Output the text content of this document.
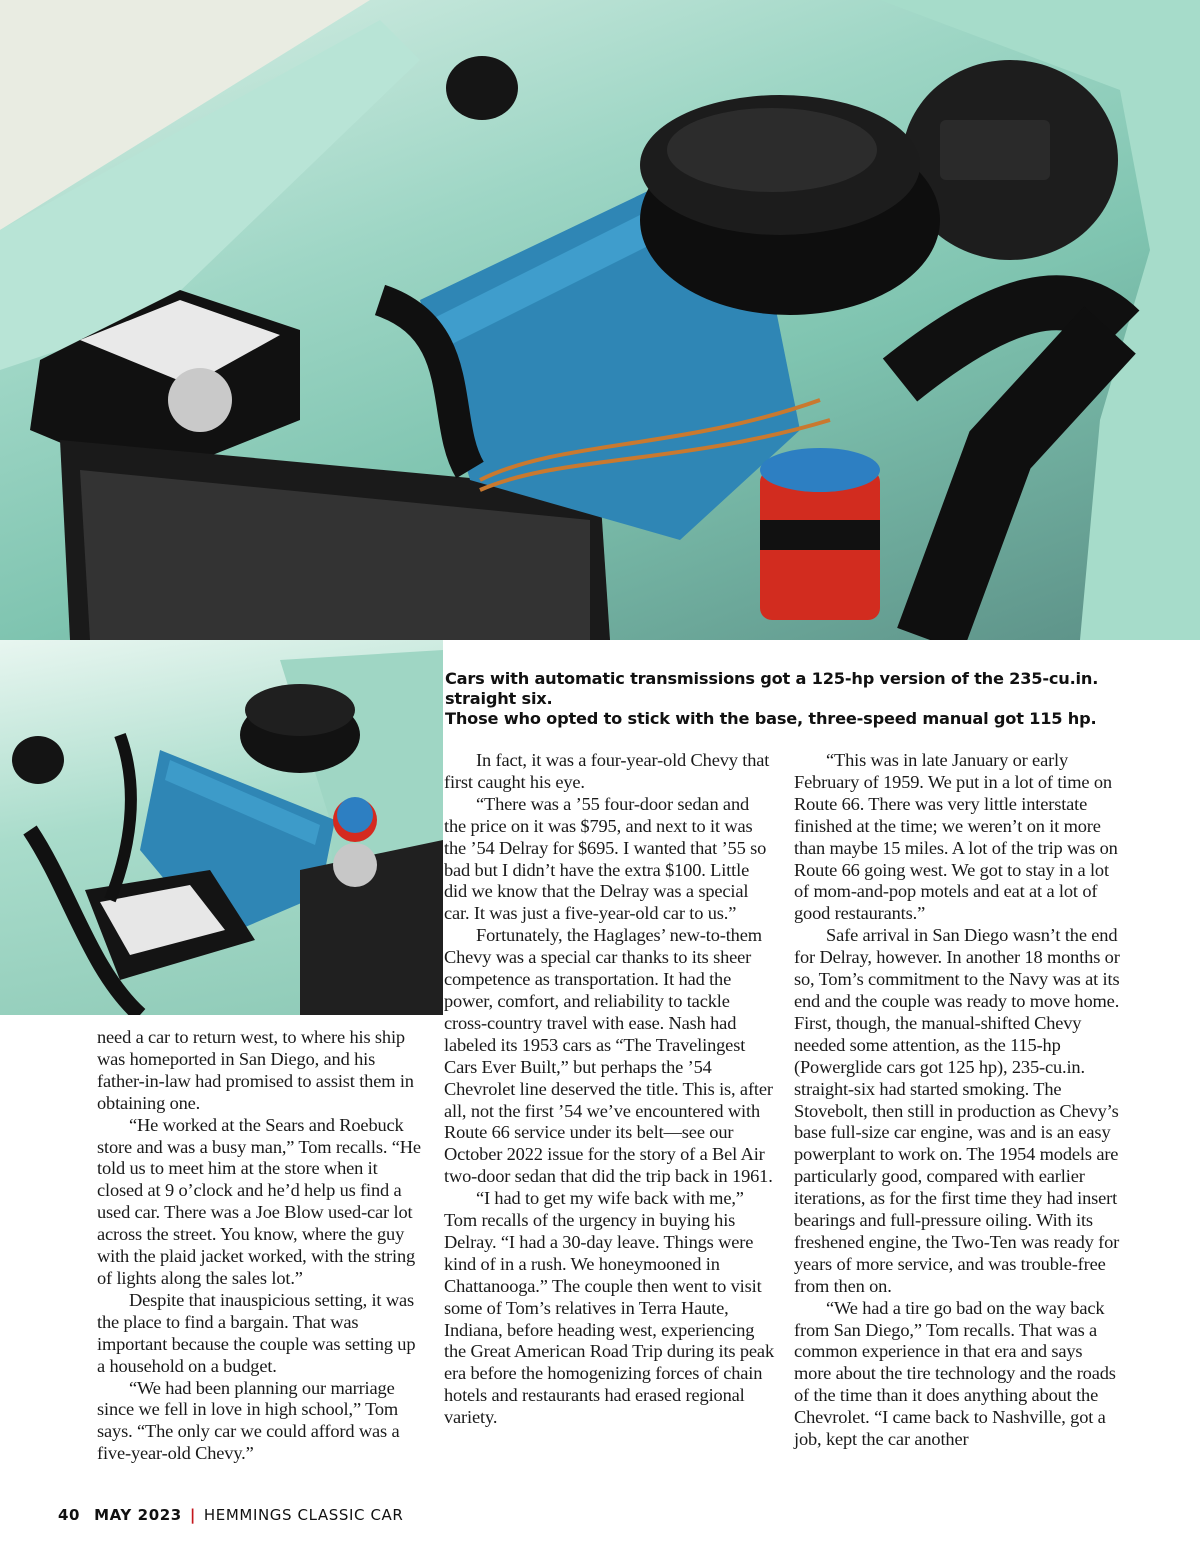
Cars with automatic transmissions got a 125-hp version of the 235-cu.in. straight six.

Those who opted to stick with the base, three-speed manual got 115 hp.

need a car to return west, to where his ship was homeported in San Diego, and his father-in-law had promised to assist them in obtaining one.

“He worked at the Sears and Roebuck store and was a busy man,” Tom recalls. “He told us to meet him at the store when it closed at 9 o’clock and he’d help us find a used car. There was a Joe Blow used-car lot across the street. You know, where the guy with the plaid jacket worked, with the string of lights along the sales lot.”

Despite that inauspicious setting, it was the place to find a bargain. That was important because the couple was setting up a household on a budget.

“We had been planning our marriage since we fell in love in high school,” Tom says. “The only car we could afford was a five-year-old Chevy.”

In fact, it was a four-year-old Chevy that first caught his eye.

“There was a ’55 four-door sedan and the price on it was $795, and next to it was the ’54 Delray for $695. I wanted that ’55 so bad but I didn’t have the extra $100. Little did we know that the Delray was a special car. It was just a five-year-old car to us.”

Fortunately, the Haglages’ new-to-them Chevy was a special car thanks to its sheer competence as transportation. It had the power, comfort, and reliability to tackle cross-country travel with ease. Nash had labeled its 1953 cars as “The Travelingest Cars Ever Built,” but perhaps the ’54 Chevrolet line deserved the title. This is, after all, not the first ’54 we’ve encountered with Route 66 service under its belt—see our October 2022 issue for the story of a Bel Air two-door sedan that did the trip back in 1961.

“I had to get my wife back with me,” Tom recalls of the urgency in buying his Delray. “I had a 30-day leave. Things were kind of in a rush. We honeymooned in Chattanooga.” The couple then went to visit some of Tom’s relatives in Terra Haute, Indiana, before heading west, experiencing the Great American Road Trip during its peak era before the homogenizing forces of chain hotels and restaurants had erased regional variety.

“This was in late January or early February of 1959. We put in a lot of time on Route 66. There was very little interstate finished at the time; we weren’t on it more than maybe 15 miles. A lot of the trip was on Route 66 going west. We got to stay in a lot of mom-and-pop motels and eat at a lot of good restaurants.”

Safe arrival in San Diego wasn’t the end for Delray, however. In another 18 months or so, Tom’s commitment to the Navy was at its end and the couple was ready to move home. First, though, the manual-shifted Chevy needed some attention, as the 115-hp (Powerglide cars got 125 hp), 235-cu.in. straight-six had started smoking. The Stovebolt, then still in production as Chevy’s base full-size car engine, was and is an easy powerplant to work on. The 1954 models are particularly good, compared with earlier iterations, as for the first time they had insert bearings and full-pressure oiling. With its freshened engine, the Two-Ten was ready for years of more service, and was trouble-free from then on.

“We had a tire go bad on the way back from San Diego,” Tom recalls. That was a common experience in that era and says more about the tire technology and the roads of the time than it does anything about the Chevrolet. “I came back to Nashville, got a job, kept the car another

40 MAY 2023 | HEMMINGS CLASSIC CAR
